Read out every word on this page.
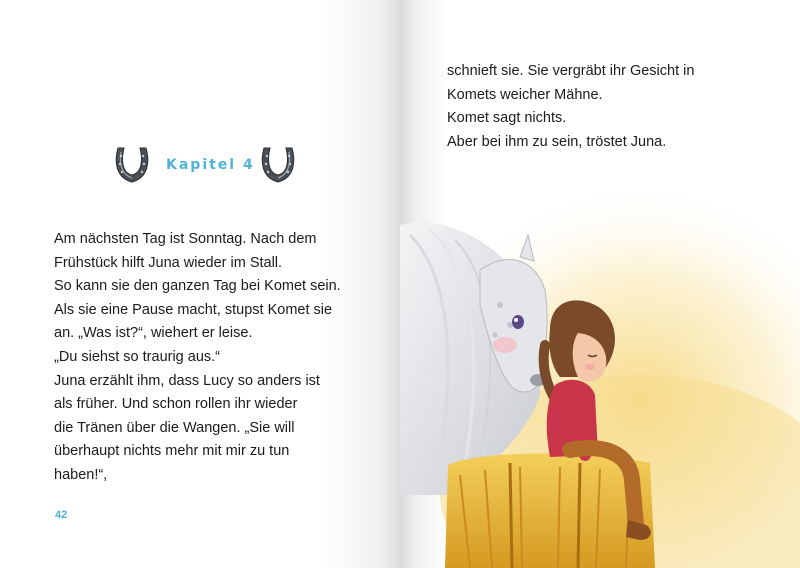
Kapitel 4
Am nächsten Tag ist Sonntag. Nach dem
Frühstück hilft Juna wieder im Stall.
So kann sie den ganzen Tag bei Komet sein.
Als sie eine Pause macht, stupst Komet sie
an. „Was ist?“, wiehert er leise.
„Du siehst so traurig aus.“
Juna erzählt ihm, dass Lucy so anders ist
als früher. Und schon rollen ihr wieder
die Tränen über die Wangen. „Sie will
überhaupt nichts mehr mit mir zu tun
haben!“,
42
schnieft sie. Sie vergräbt ihr Gesicht in
Komets weicher Mähne.
Komet sagt nichts.
Aber bei ihm zu sein, tröstet Juna.
